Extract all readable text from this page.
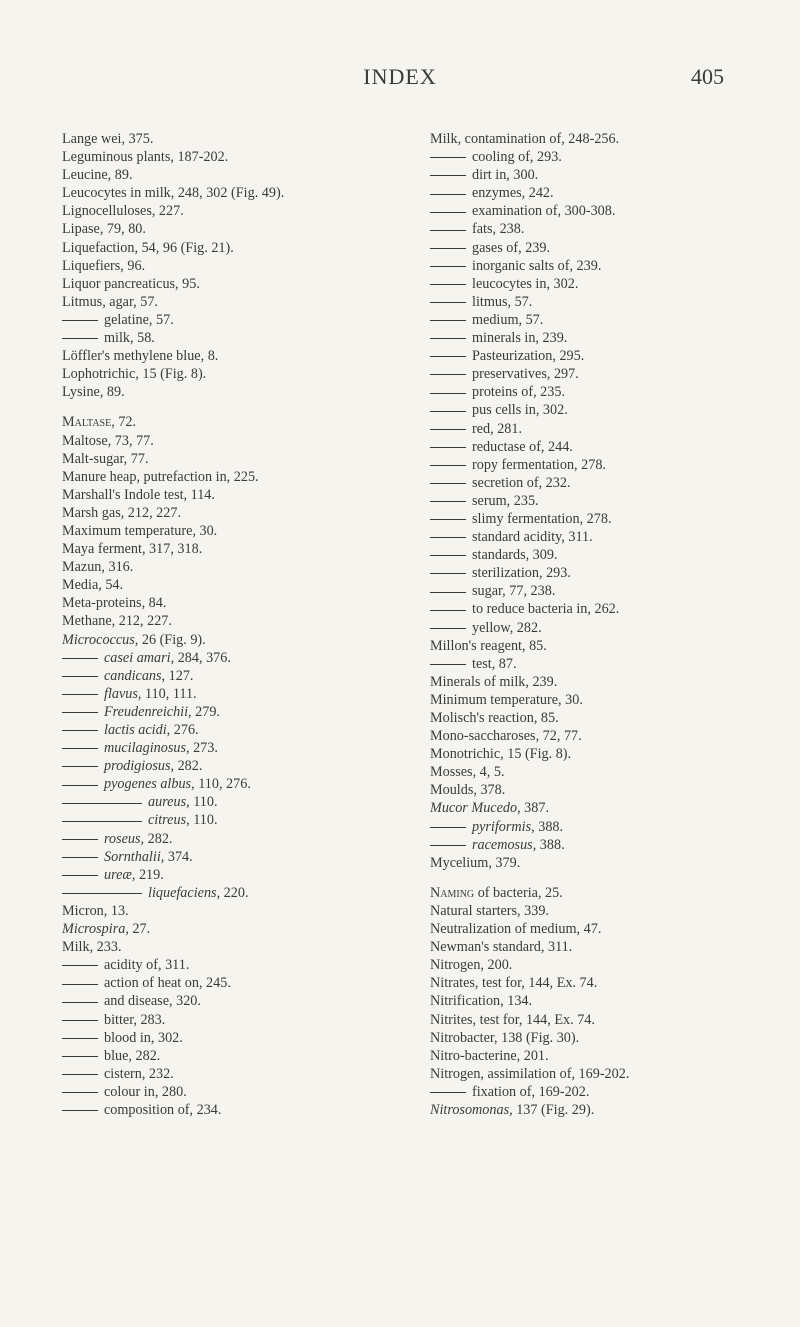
INDEX	405
Lange wei, 375.
Leguminous plants, 187-202.
Leucine, 89.
Leucocytes in milk, 248, 302 (Fig. 49).
Lignocelluloses, 227.
Lipase, 79, 80.
Liquefaction, 54, 96 (Fig. 21).
Liquefiers, 96.
Liquor pancreaticus, 95.
Litmus, agar, 57.
gelatine, 57.
milk, 58.
Löffler's methylene blue, 8.
Lophotrichic, 15 (Fig. 8).
Lysine, 89.
Maltase, 72.
Maltose, 73, 77.
Malt-sugar, 77.
Manure heap, putrefaction in, 225.
Marshall's Indole test, 114.
Marsh gas, 212, 227.
Maximum temperature, 30.
Maya ferment, 317, 318.
Mazun, 316.
Media, 54.
Meta-proteins, 84.
Methane, 212, 227.
Micrococcus, 26 (Fig. 9).
casei amari, 284, 376.
candicans, 127.
flavus, 110, 111.
Freudenreichii, 279.
lactis acidi, 276.
mucilaginosus, 273.
prodigiosus, 282.
pyogenes albus, 110, 276.
aureus, 110.
citreus, 110.
roseus, 282.
Sornthalii, 374.
ureæ, 219.
liquefaciens, 220.
Micron, 13.
Microspira, 27.
Milk, 233.
acidity of, 311.
action of heat on, 245.
and disease, 320.
bitter, 283.
blood in, 302.
blue, 282.
cistern, 232.
colour in, 280.
composition of, 234.
Milk, contamination of, 248-256.
cooling of, 293.
dirt in, 300.
enzymes, 242.
examination of, 300-308.
fats, 238.
gases of, 239.
inorganic salts of, 239.
leucocytes in, 302.
litmus, 57.
medium, 57.
minerals in, 239.
Pasteurization, 295.
preservatives, 297.
proteins of, 235.
pus cells in, 302.
red, 281.
reductase of, 244.
ropy fermentation, 278.
secretion of, 232.
serum, 235.
slimy fermentation, 278.
standard acidity, 311.
standards, 309.
sterilization, 293.
sugar, 77, 238.
to reduce bacteria in, 262.
yellow, 282.
Millon's reagent, 85.
test, 87.
Minerals of milk, 239.
Minimum temperature, 30.
Molisch's reaction, 85.
Mono-saccharoses, 72, 77.
Monotrichic, 15 (Fig. 8).
Mosses, 4, 5.
Moulds, 378.
Mucor Mucedo, 387.
pyriformis, 388.
racemosus, 388.
Mycelium, 379.
Naming of bacteria, 25.
Natural starters, 339.
Neutralization of medium, 47.
Newman's standard, 311.
Nitrogen, 200.
Nitrates, test for, 144, Ex. 74.
Nitrification, 134.
Nitrites, test for, 144, Ex. 74.
Nitrobacter, 138 (Fig. 30).
Nitro-bacterine, 201.
Nitrogen, assimilation of, 169-202.
fixation of, 169-202.
Nitrosomonas, 137 (Fig. 29).
